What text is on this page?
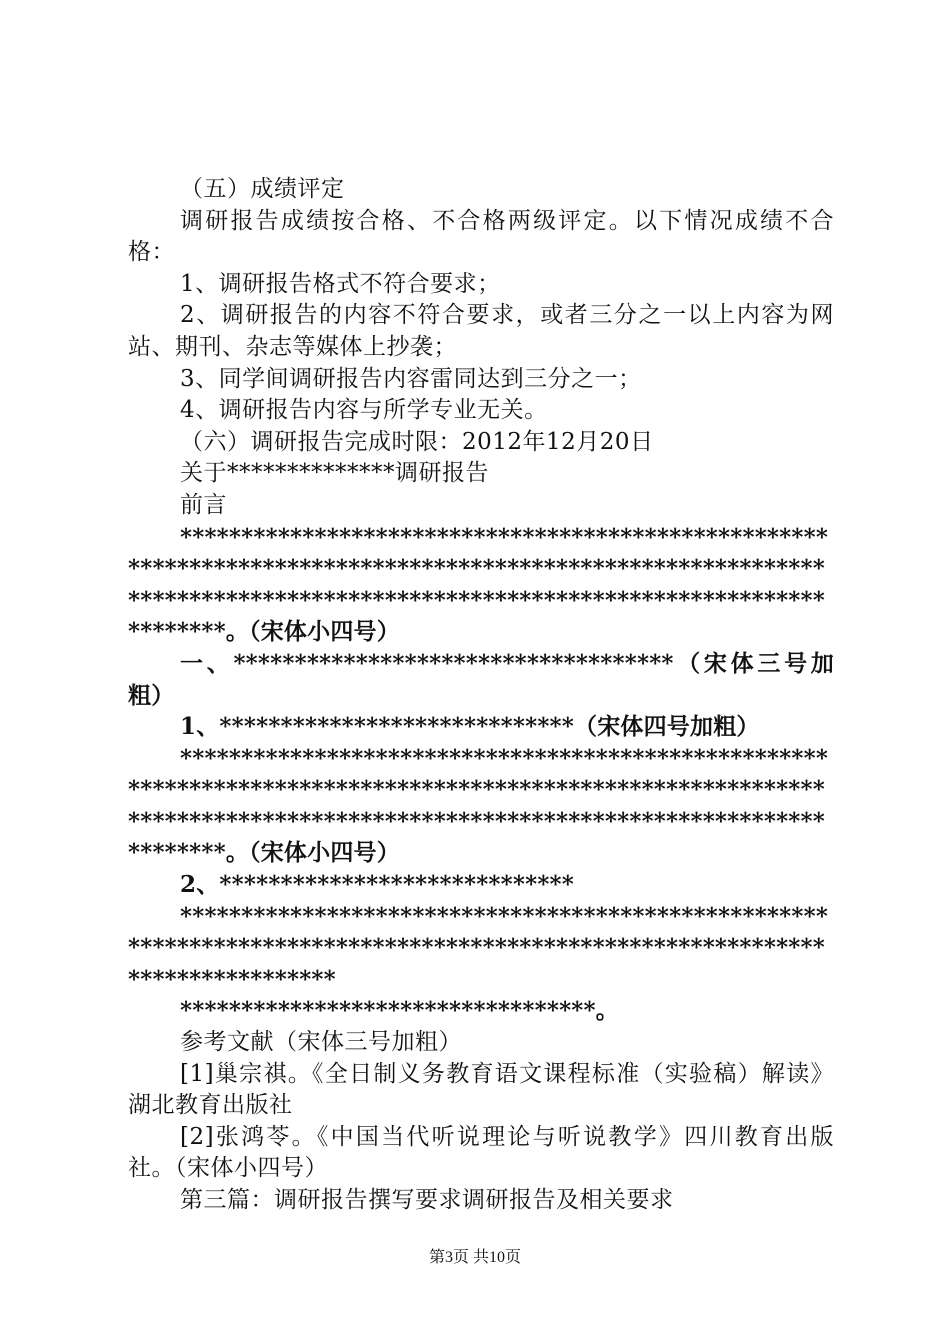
（五）成绩评定

调研报告成绩按合格、不合格两级评定。以下情况成绩不合格：

1、调研报告格式不符合要求；

2、调研报告的内容不符合要求，或者三分之一以上内容为网站、期刊、杂志等媒体上抄袭；

3、同学间调研报告内容雷同达到三分之一；

4、调研报告内容与所学专业无关。

（六）调研报告完成时限：2012年12月20日

关于**************调研报告

前言

*******************************************************************************************************************************************************************************。（宋体小四号）

一、************************************（宋体三号加粗）

1、*****************************（宋体四号加粗）

*******************************************************************************************************************************************************************************。（宋体小四号）

2、*****************************

*******************************************************************************************************************************

**********************************。

参考文献（宋体三号加粗）

[1]巢宗祺。《全日制义务教育语文课程标准（实验稿）解读》湖北教育出版社

[2]张鸿苓。《中国当代听说理论与听说教学》四川教育出版社。（宋体小四号）

第三篇：调研报告撰写要求调研报告及相关要求

第3页 共10页
